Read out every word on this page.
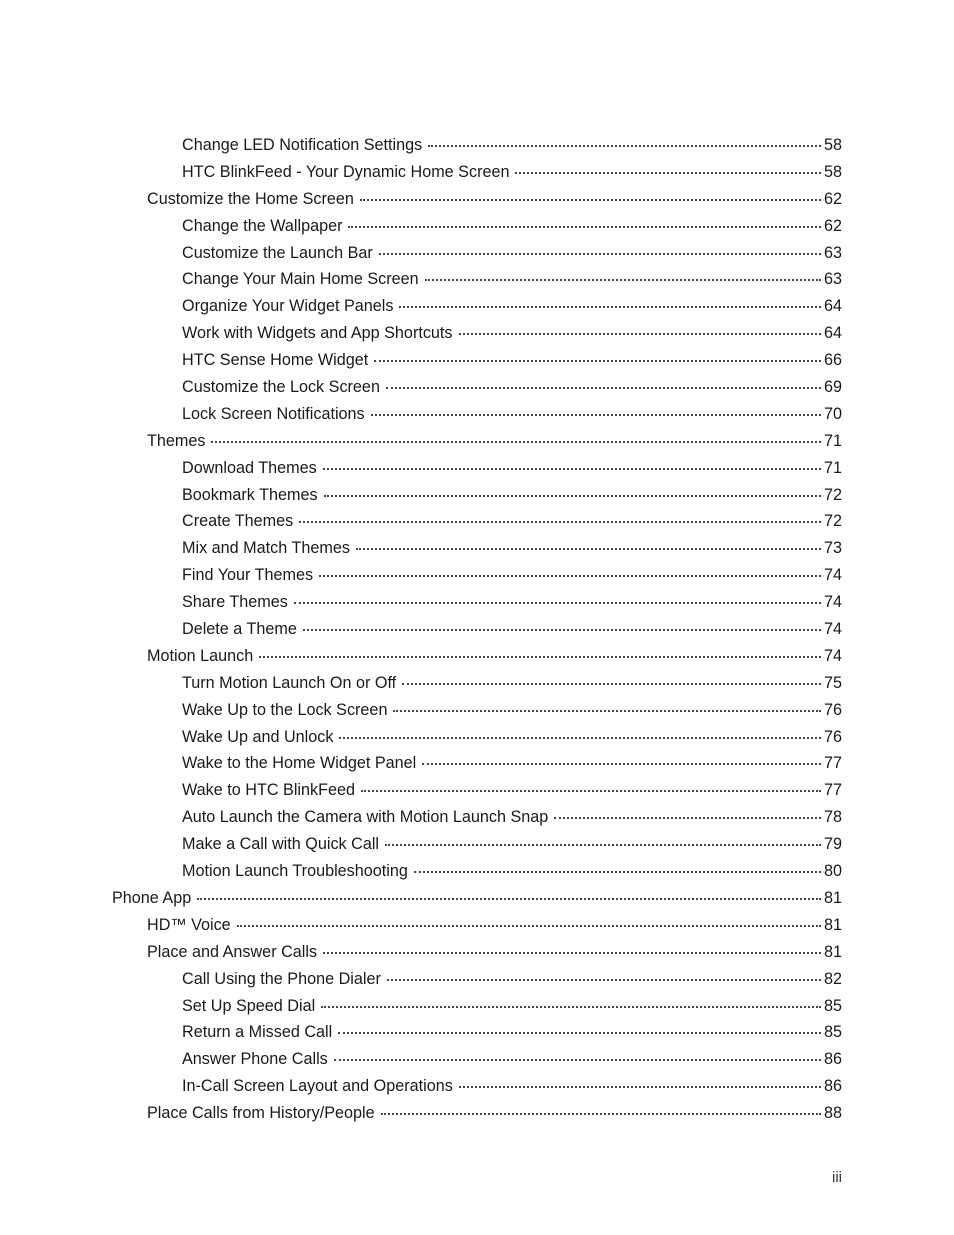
Change LED Notification Settings	58
HTC BlinkFeed - Your Dynamic Home Screen	58
Customize the Home Screen	62
Change the Wallpaper	62
Customize the Launch Bar	63
Change Your Main Home Screen	63
Organize Your Widget Panels	64
Work with Widgets and App Shortcuts	64
HTC Sense Home Widget	66
Customize the Lock Screen	69
Lock Screen Notifications	70
Themes	71
Download Themes	71
Bookmark Themes	72
Create Themes	72
Mix and Match Themes	73
Find Your Themes	74
Share Themes	74
Delete a Theme	74
Motion Launch	74
Turn Motion Launch On or Off	75
Wake Up to the Lock Screen	76
Wake Up and Unlock	76
Wake to the Home Widget Panel	77
Wake to HTC BlinkFeed	77
Auto Launch the Camera with Motion Launch Snap	78
Make a Call with Quick Call	79
Motion Launch Troubleshooting	80
Phone App	81
HD™ Voice	81
Place and Answer Calls	81
Call Using the Phone Dialer	82
Set Up Speed Dial	85
Return a Missed Call	85
Answer Phone Calls	86
In-Call Screen Layout and Operations	86
Place Calls from History/People	88
iii
